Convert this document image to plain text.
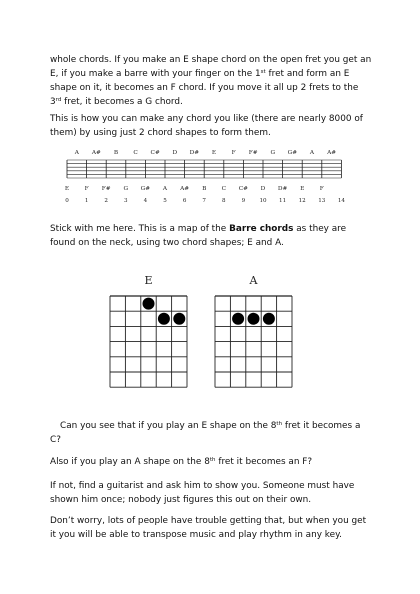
whole chords. If you make an E shape chord on the open fret you get an E, if you make a barre with your finger on the 1st fret and form an E shape on it, it becomes an F chord. If you move it all up 2 frets to the 3rd fret, it becomes a G chord.

This is how you can make any chord you like (there are nearly 8000 of them) by using just 2 chord shapes to form them.

A A# B	C C# D D# E	F F# G G# A A#
E	F F# G G# A A# B	C C# D D# E	F
0	1	2	3	4	5	6	7	8	9	10 11 12 13 14

Stick with me here. This is a map of the Barre chords as they are found on the neck, using two chord shapes; E and A.

E	A

Can you see that if you play an E shape on the 8th fret it becomes a C?

Also if you play an A shape on the 8th fret it becomes an F?

If not, find a guitarist and ask him to show you. Someone must have shown him once; nobody just figures this out on their own.

Don’t worry, lots of people have trouble getting that, but when you get it you will be able to transpose music and play rhythm in any key.
